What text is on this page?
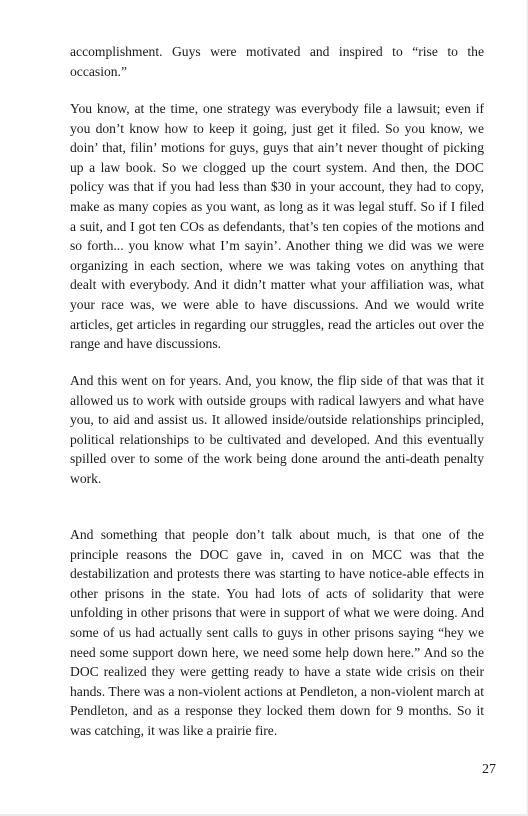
accomplishment. Guys were motivated and inspired to “rise to the occasion.”

You know, at the time, one strategy was everybody file a lawsuit; even if you don’t know how to keep it going, just get it filed. So you know, we doin’ that, filin’ motions for guys, guys that ain’t never thought of picking up a law book. So we clogged up the court system. And then, the DOC policy was that if you had less than $30 in your account, they had to copy, make as many copies as you want, as long as it was legal stuff. So if I filed a suit, and I got ten COs as defendants, that’s ten copies of the motions and so forth... you know what I’m sayin’. Another thing we did was we were organizing in each section, where we was taking votes on anything that dealt with everybody. And it didn’t matter what your affiliation was, what your race was, we were able to have discussions. And we would write articles, get articles in regarding our struggles, read the articles out over the range and have discussions.

And this went on for years. And, you know, the flip side of that was that it allowed us to work with outside groups with radical lawyers and what have you, to aid and assist us. It allowed inside/outside relationships principled, political relationships to be cultivated and developed. And this eventually spilled over to some of the work being done around the anti-death penalty work.

And something that people don’t talk about much, is that one of the principle reasons the DOC gave in, caved in on MCC was that the destabilization and protests there was starting to have notice-able effects in other prisons in the state. You had lots of acts of solidarity that were unfolding in other prisons that were in support of what we were doing. And some of us had actually sent calls to guys in other prisons saying “hey we need some support down here, we need some help down here.” And so the DOC realized they were getting ready to have a state wide crisis on their hands. There was a non-violent actions at Pendleton, a non-violent march at Pendleton, and as a response they locked them down for 9 months. So it was catching, it was like a prairie fire.

27
